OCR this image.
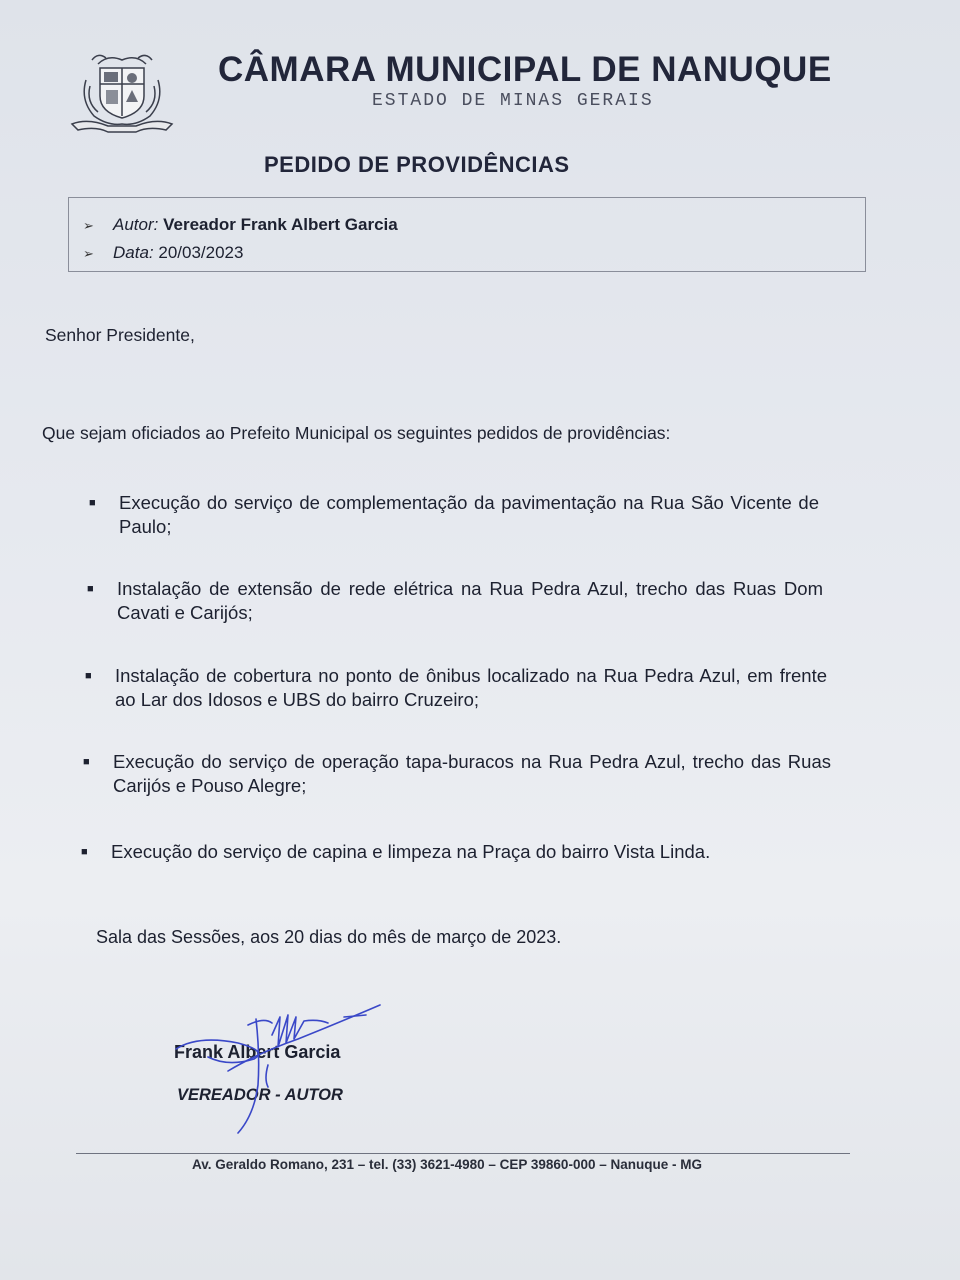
CÂMARA MUNICIPAL DE NANUQUE
ESTADO DE MINAS GERAIS
PEDIDO DE PROVIDÊNCIAS
➢ Autor: Vereador Frank Albert Garcia
➢ Data: 20/03/2023
Senhor Presidente,
Que sejam oficiados ao Prefeito Municipal os seguintes pedidos de providências:
■ Execução do serviço de complementação da pavimentação na Rua São Vicente de Paulo;
■ Instalação de extensão de rede elétrica na Rua Pedra Azul, trecho das Ruas Dom Cavati e Carijós;
■ Instalação de cobertura no ponto de ônibus localizado na Rua Pedra Azul, em frente ao Lar dos Idosos e UBS do bairro Cruzeiro;
■ Execução do serviço de operação tapa-buracos na Rua Pedra Azul, trecho das Ruas Carijós e Pouso Alegre;
■ Execução do serviço de capina e limpeza na Praça do bairro Vista Linda.
Sala das Sessões, aos 20 dias do mês de março de 2023.
Frank Albert Garcia
VEREADOR - AUTOR
Av. Geraldo Romano, 231 – tel. (33) 3621-4980 – CEP 39860-000 – Nanuque - MG
